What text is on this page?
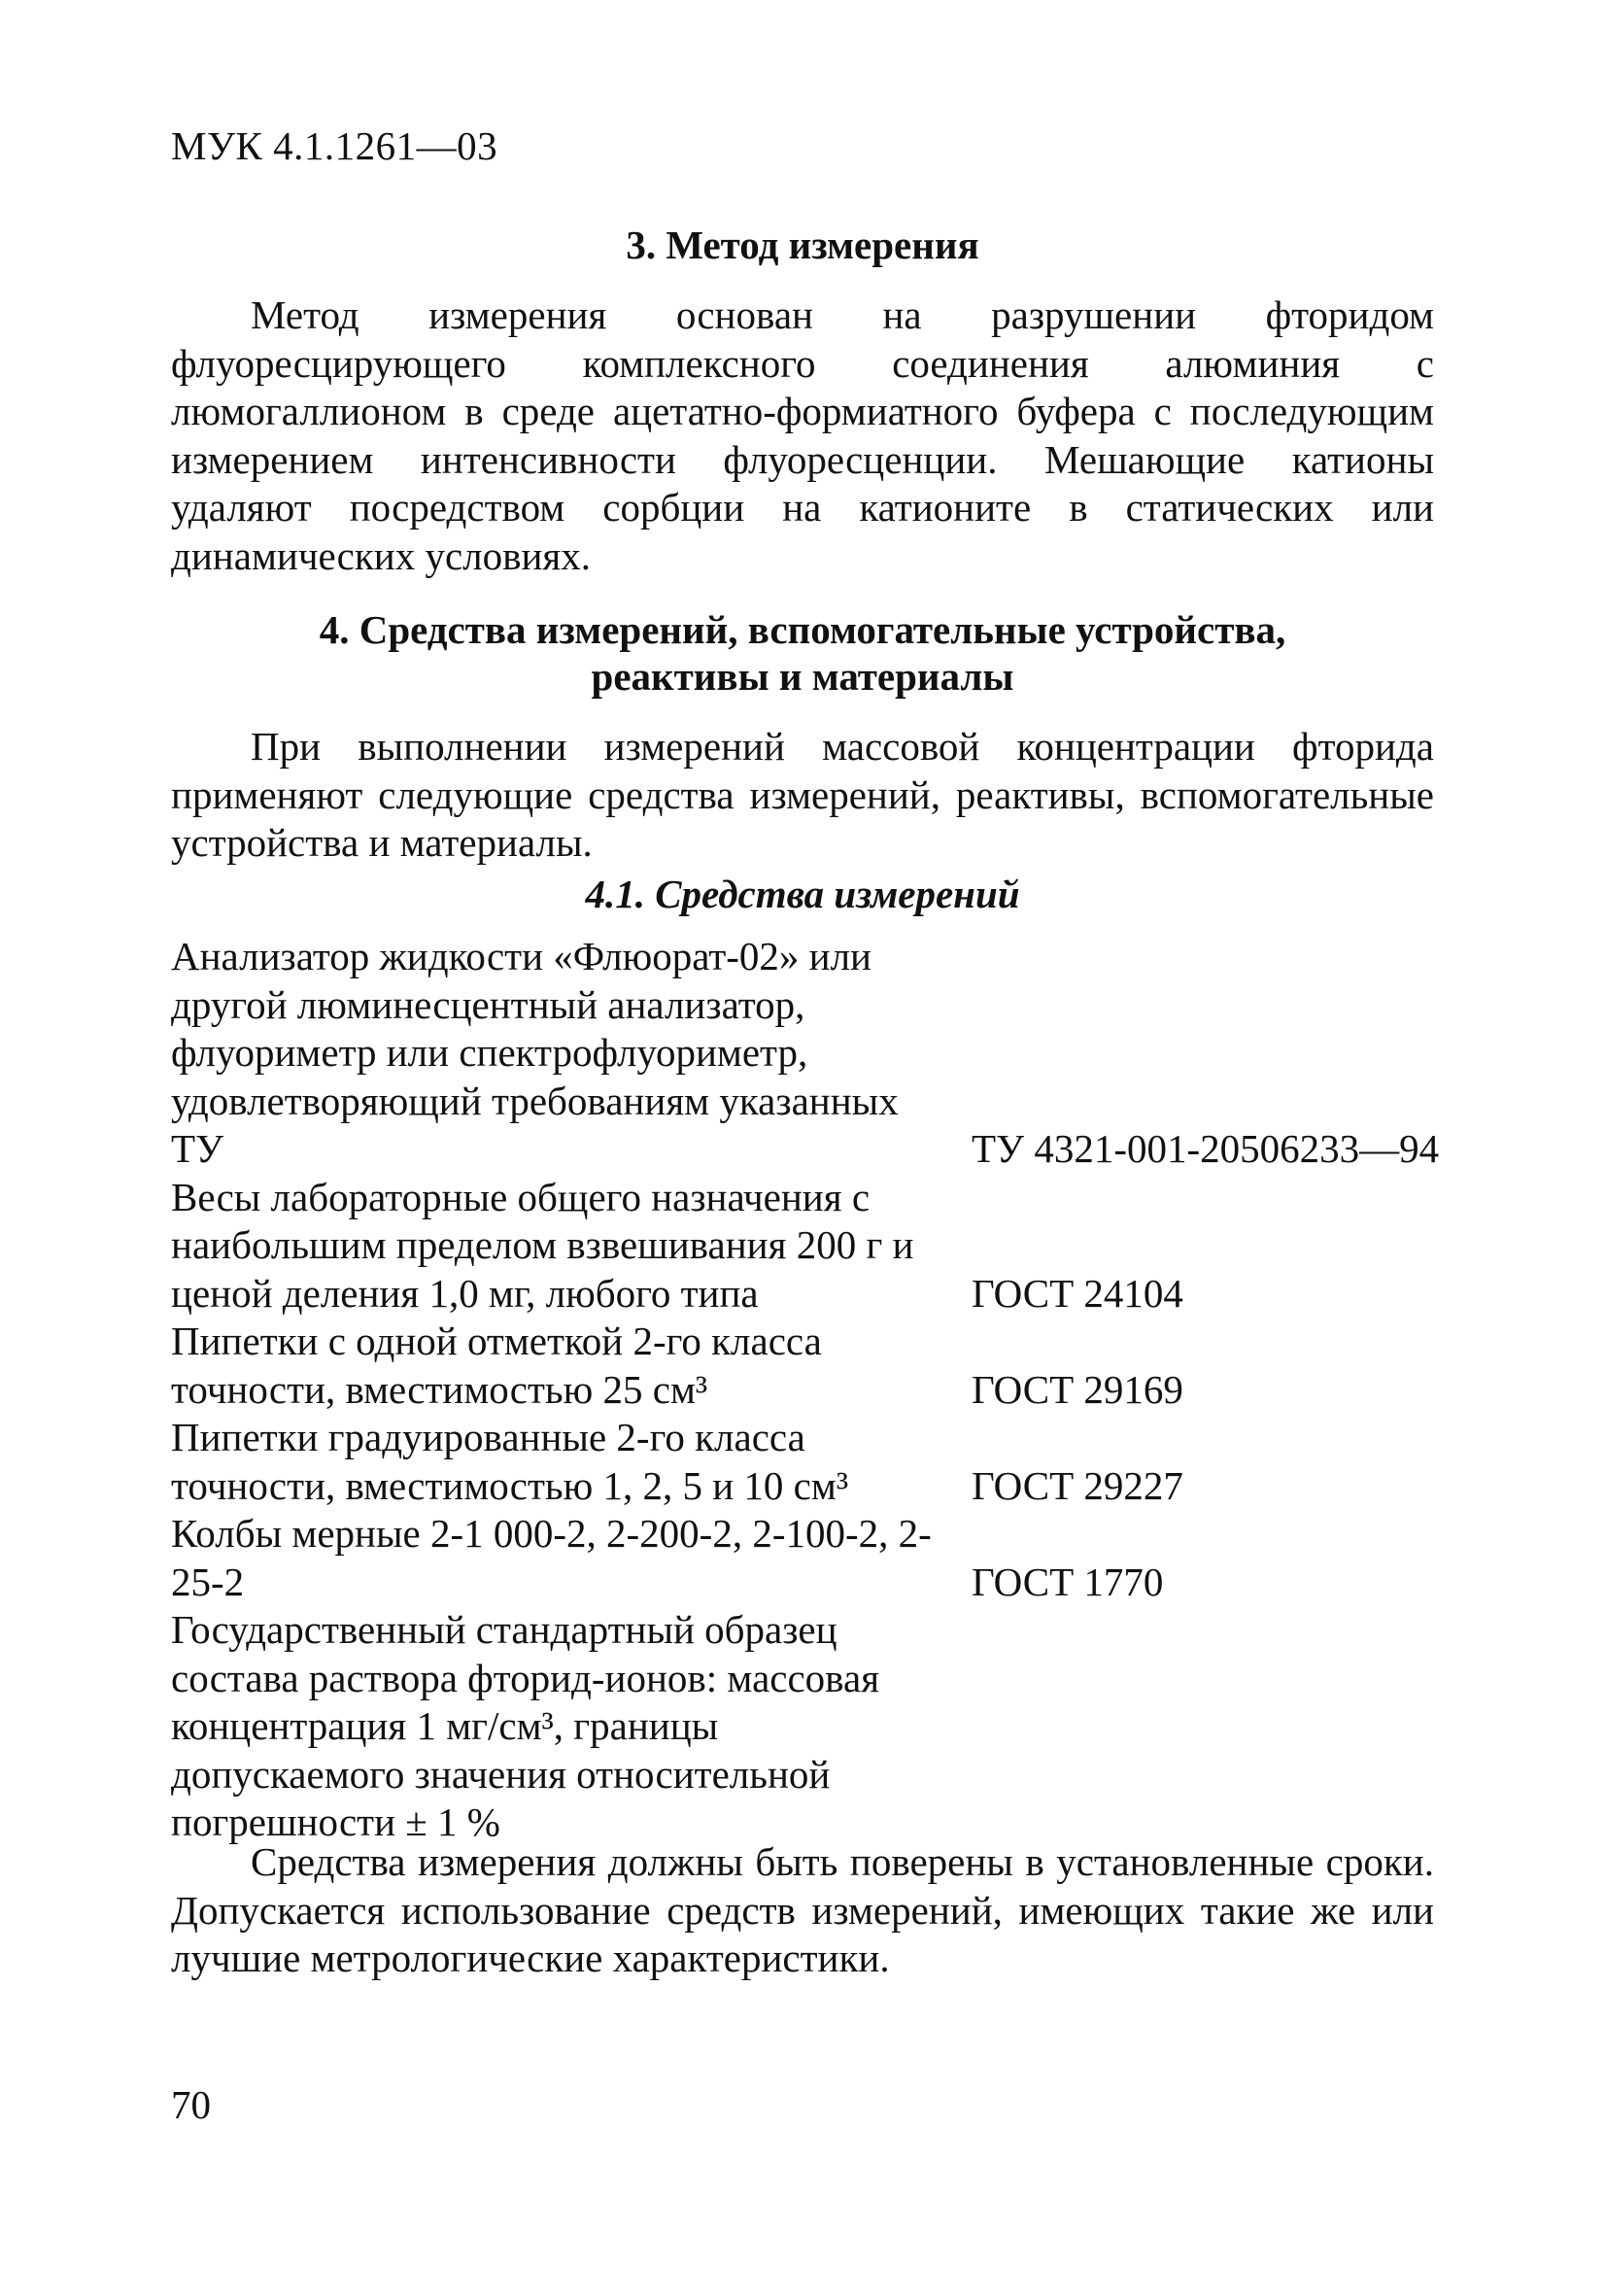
МУК 4.1.1261—03
3. Метод измерения

Метод измерения основан на разрушении фторидом флуоресцирующего комплексного соединения алюминия с люмогаллионом в среде ацетатно-формиатного буфера с последующим измерением интенсивности флуоресценции. Мешающие катионы удаляют посредством сорбции на катионите в статических или динамических условиях.

4. Средства измерений, вспомогательные устройства,
реактивы и материалы

При выполнении измерений массовой концентрации фторида применяют следующие средства измерений, реактивы, вспомогательные устройства и материалы.

4.1. Средства измерений
Анализатор жидкости «Флюорат-02» или другой люминесцентный анализатор, флуориметр или спектрофлуориметр, удовлетворяющий требованиям указанных ТУ	ТУ 4321-001-20506233—94
Весы лабораторные общего назначения с наибольшим пределом взвешивания 200 г и ценой деления 1,0 мг, любого типа	ГОСТ 24104
Пипетки с одной отметкой 2-го класса точности, вместимостью 25 см³	ГОСТ 29169
Пипетки градуированные 2-го класса точности, вместимостью 1, 2, 5 и 10 см³	ГОСТ 29227
Колбы мерные 2-1 000-2, 2-200-2, 2-100-2, 2-25-2	ГОСТ 1770
Государственный стандартный образец состава раствора фторид-ионов: массовая концентрация 1 мг/см³, границы допускаемого значения относительной погрешности ± 1 %

Средства измерения должны быть поверены в установленные сроки. Допускается использование средств измерений, имеющих такие же или лучшие метрологические характеристики.

70
